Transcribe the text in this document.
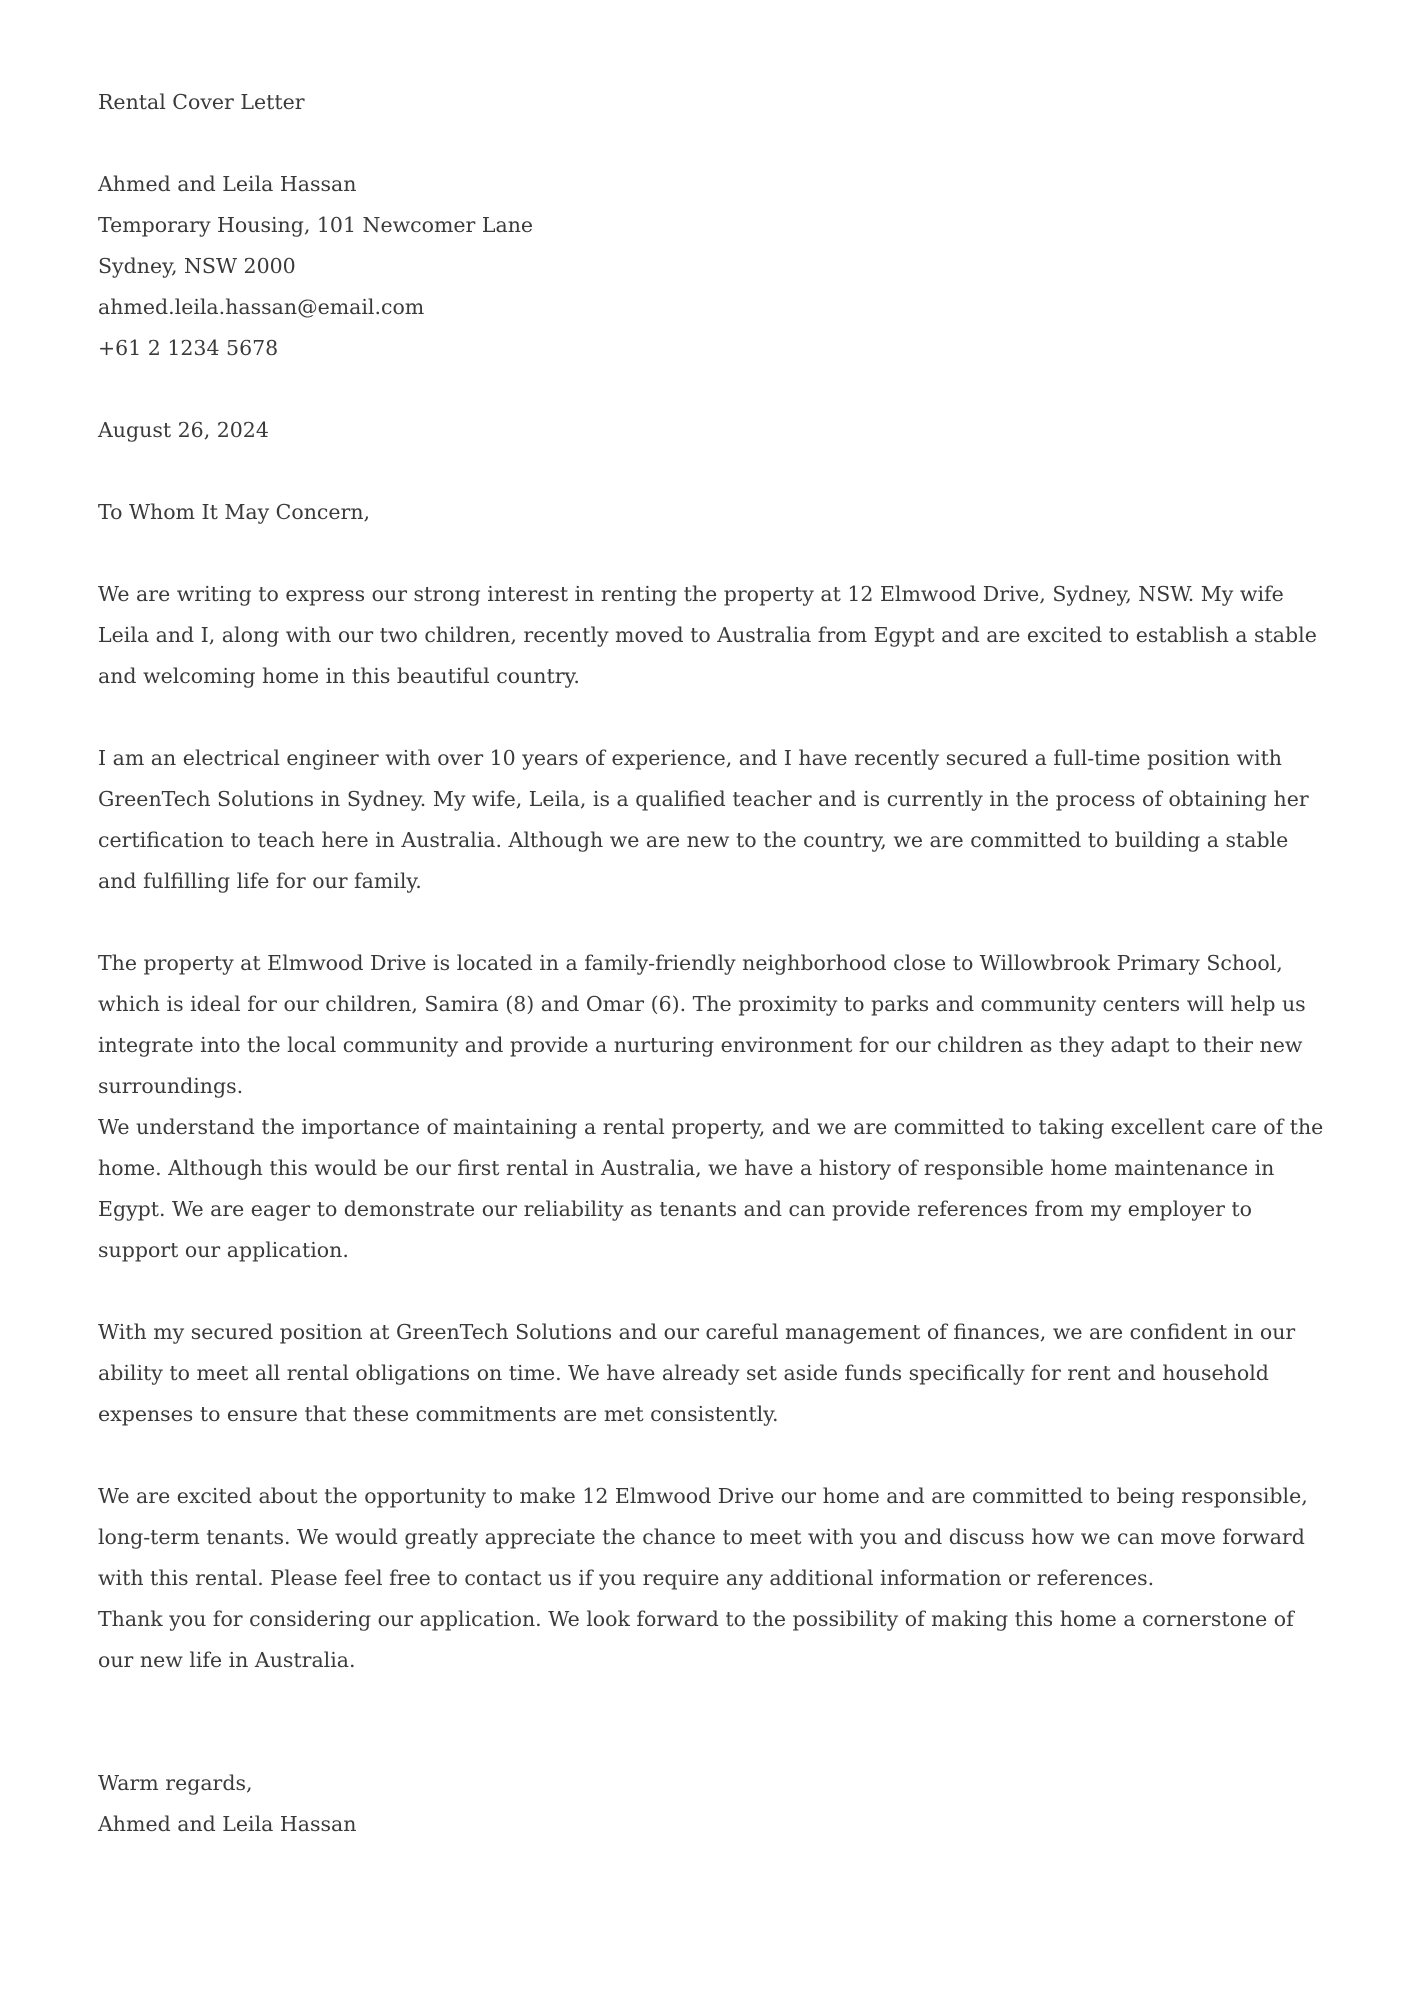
Rental Cover Letter

Ahmed and Leila Hassan

Temporary Housing, 101 Newcomer Lane

Sydney, NSW 2000

ahmed.leila.hassan@email.com

+61 2 1234 5678

August 26, 2024

To Whom It May Concern,

We are writing to express our strong interest in renting the property at 12 Elmwood Drive, Sydney, NSW. My wife Leila and I, along with our two children, recently moved to Australia from Egypt and are excited to establish a stable and welcoming home in this beautiful country.

I am an electrical engineer with over 10 years of experience, and I have recently secured a full-time position with GreenTech Solutions in Sydney. My wife, Leila, is a qualified teacher and is currently in the process of obtaining her certification to teach here in Australia. Although we are new to the country, we are committed to building a stable and fulfilling life for our family.

The property at Elmwood Drive is located in a family-friendly neighborhood close to Willowbrook Primary School, which is ideal for our children, Samira (8) and Omar (6). The proximity to parks and community centers will help us integrate into the local community and provide a nurturing environment for our children as they adapt to their new surroundings.

We understand the importance of maintaining a rental property, and we are committed to taking excellent care of the home. Although this would be our first rental in Australia, we have a history of responsible home maintenance in Egypt. We are eager to demonstrate our reliability as tenants and can provide references from my employer to support our application.

With my secured position at GreenTech Solutions and our careful management of finances, we are confident in our ability to meet all rental obligations on time. We have already set aside funds specifically for rent and household expenses to ensure that these commitments are met consistently.

We are excited about the opportunity to make 12 Elmwood Drive our home and are committed to being responsible, long-term tenants. We would greatly appreciate the chance to meet with you and discuss how we can move forward with this rental. Please feel free to contact us if you require any additional information or references.

Thank you for considering our application. We look forward to the possibility of making this home a cornerstone of our new life in Australia.

Warm regards,

Ahmed and Leila Hassan
